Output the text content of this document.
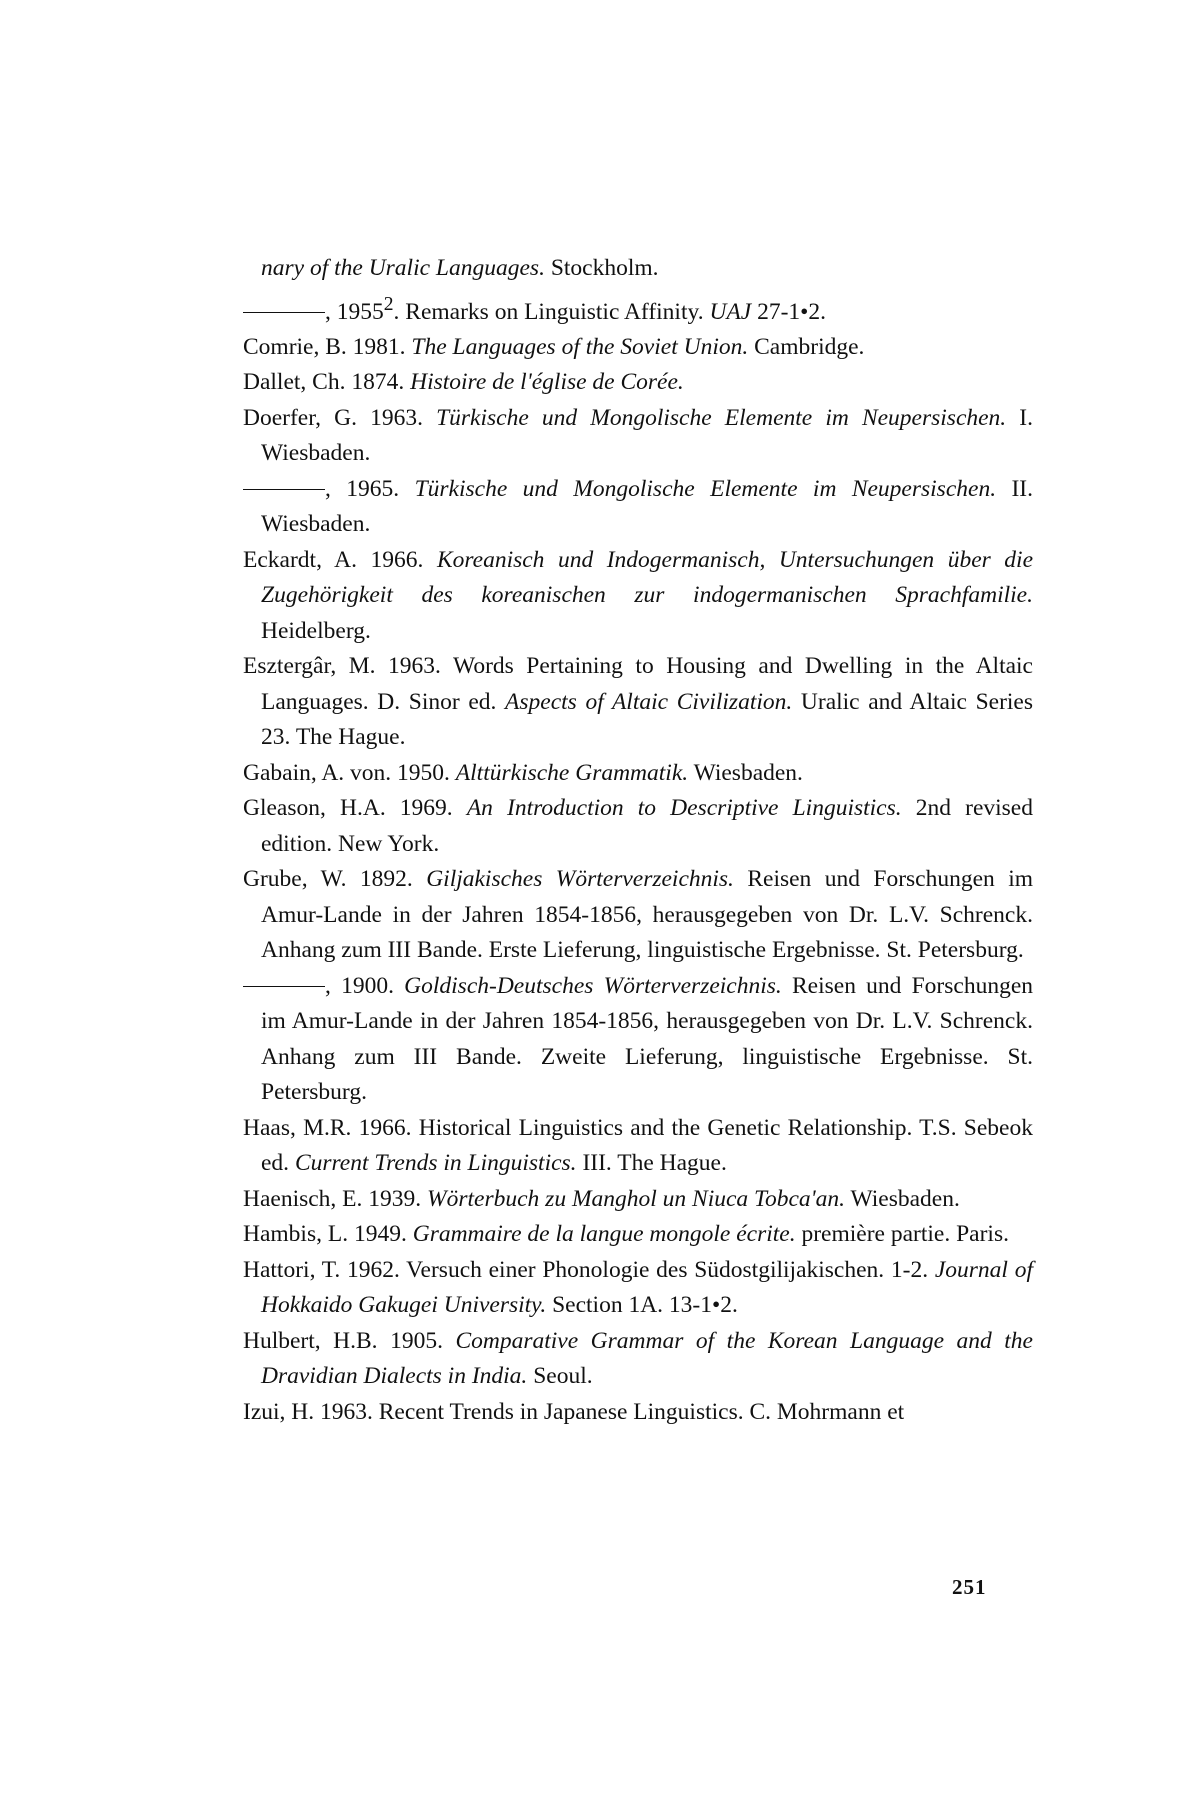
nary of the Uralic Languages. Stockholm.

, 1955$^2$. Remarks on Linguistic Affinity. UAJ 27-1•2.

Comrie, B. 1981. The Languages of the Soviet Union. Cambridge.

Dallet, Ch. 1874. Histoire de l'église de Corée.

Doerfer, G. 1963. Türkische und Mongolische Elemente im Neupersischen. I. Wiesbaden.

, 1965. Türkische und Mongolische Elemente im Neupersischen. II. Wiesbaden.

Eckardt, A. 1966. Koreanisch und Indogermanisch, Untersuchungen über die Zugehörigkeit des koreanischen zur indogermanischen Sprachfamilie. Heidelberg.

Esztergâr, M. 1963. Words Pertaining to Housing and Dwelling in the Altaic Languages. D. Sinor ed. Aspects of Altaic Civilization. Uralic and Altaic Series 23. The Hague.

Gabain, A. von. 1950. Alttürkische Grammatik. Wiesbaden.

Gleason, H.A. 1969. An Introduction to Descriptive Linguistics. 2nd revised edition. New York.

Grube, W. 1892. Giljakisches Wörterverzeichnis. Reisen und Forschungen im Amur-Lande in der Jahren 1854-1856, herausgegeben von Dr. L.V. Schrenck. Anhang zum III Bande. Erste Lieferung, linguistische Ergebnisse. St. Petersburg.

, 1900. Goldisch-Deutsches Wörterverzeichnis. Reisen und Forschungen im Amur-Lande in der Jahren 1854-1856, herausgegeben von Dr. L.V. Schrenck. Anhang zum III Bande. Zweite Lieferung, linguistische Ergebnisse. St. Petersburg.

Haas, M.R. 1966. Historical Linguistics and the Genetic Relationship. T.S. Sebeok ed. Current Trends in Linguistics. III. The Hague.

Haenisch, E. 1939. Wörterbuch zu Manghol un Niuca Tobca'an. Wiesbaden.

Hambis, L. 1949. Grammaire de la langue mongole écrite. première partie. Paris.

Hattori, T. 1962. Versuch einer Phonologie des Südostgilijakischen. 1-2. Journal of Hokkaido Gakugei University. Section 1A. 13-1•2.

Hulbert, H.B. 1905. Comparative Grammar of the Korean Language and the Dravidian Dialects in India. Seoul.

Izui, H. 1963. Recent Trends in Japanese Linguistics. C. Mohrmann et

251
